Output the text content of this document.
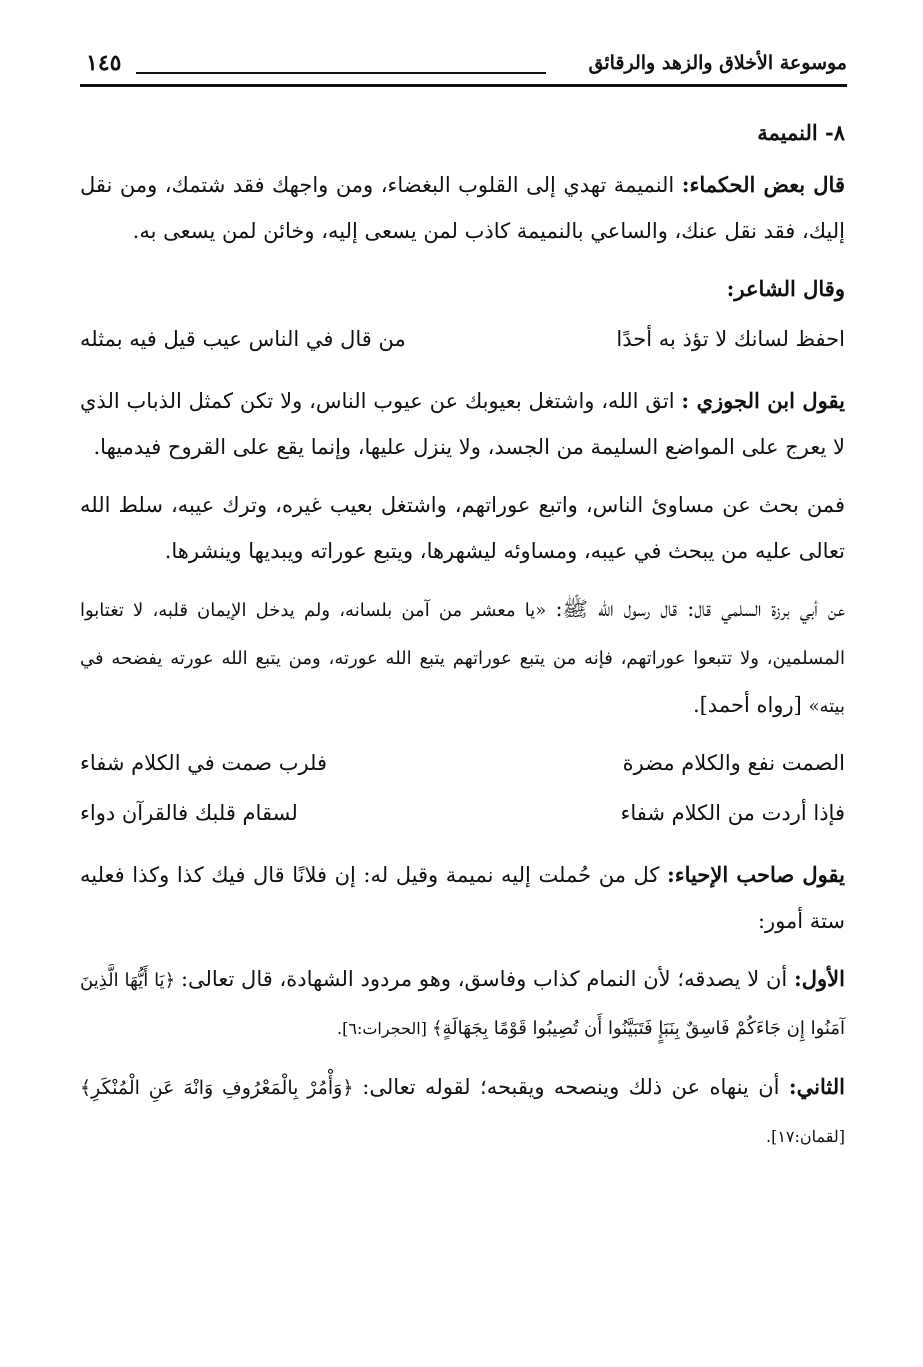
موسوعة الأخلاق والزهد والرقائق
١٤٥
٨- النميمة

قال بعض الحكماء: النميمة تهدي إلى القلوب البغضاء، ومن واجهك فقد شتمك، ومن نقل إليك، فقد نقل عنك، والساعي بالنميمة كاذب لمن يسعى إليه، وخائن لمن يسعى به.

وقال الشاعر:

احفظ لسانك لا تؤذ به أحدًا
من قال في الناس عيب قيل فيه بمثله

يقول ابن الجوزي : اتق الله، واشتغل بعيوبك عن عيوب الناس، ولا تكن كمثل الذباب الذي لا يعرج على المواضع السليمة من الجسد، ولا ينزل عليها، وإنما يقع على القروح فيدميها.

فمن بحث عن مساوئ الناس، واتبع عوراتهم، واشتغل بعيب غيره، وترك عيبه، سلط الله تعالى عليه من يبحث في عيبه، ومساوئه ليشهرها، ويتبع عوراته ويبديها وينشرها.

عن أبي برزة السلمي قال: قال رسول الله ﷺ: «يا معشر من آمن بلسانه، ولم يدخل الإيمان قلبه، لا تغتابوا المسلمين، ولا تتبعوا عوراتهم، فإنه من يتبع عوراتهم يتبع الله عورته، ومن يتبع الله عورته يفضحه في بيته» [رواه أحمد].

الصمت نفع والكلام مضرة
فلرب صمت في الكلام شفاء
فإذا أردت من الكلام شفاء
لسقام قلبك فالقرآن دواء

يقول صاحب الإحياء: كل من حُملت إليه نميمة وقيل له: إن فلانًا قال فيك كذا وكذا فعليه ستة أمور:

الأول: أن لا يصدقه؛ لأن النمام كذاب وفاسق، وهو مردود الشهادة، قال تعالى: ﴿يَا أَيُّهَا الَّذِينَ آمَنُوا إِن جَاءَكُمْ فَاسِقٌ بِنَبَإٍ فَتَبَيَّنُوا أَن تُصِيبُوا قَوْمًا بِجَهَالَةٍ﴾ [الحجرات:٦].

الثاني: أن ينهاه عن ذلك وينصحه ويقبحه؛ لقوله تعالى: ﴿وَأْمُرْ بِالْمَعْرُوفِ وَانْهَ عَنِ الْمُنْكَرِ﴾ [لقمان:١٧].
